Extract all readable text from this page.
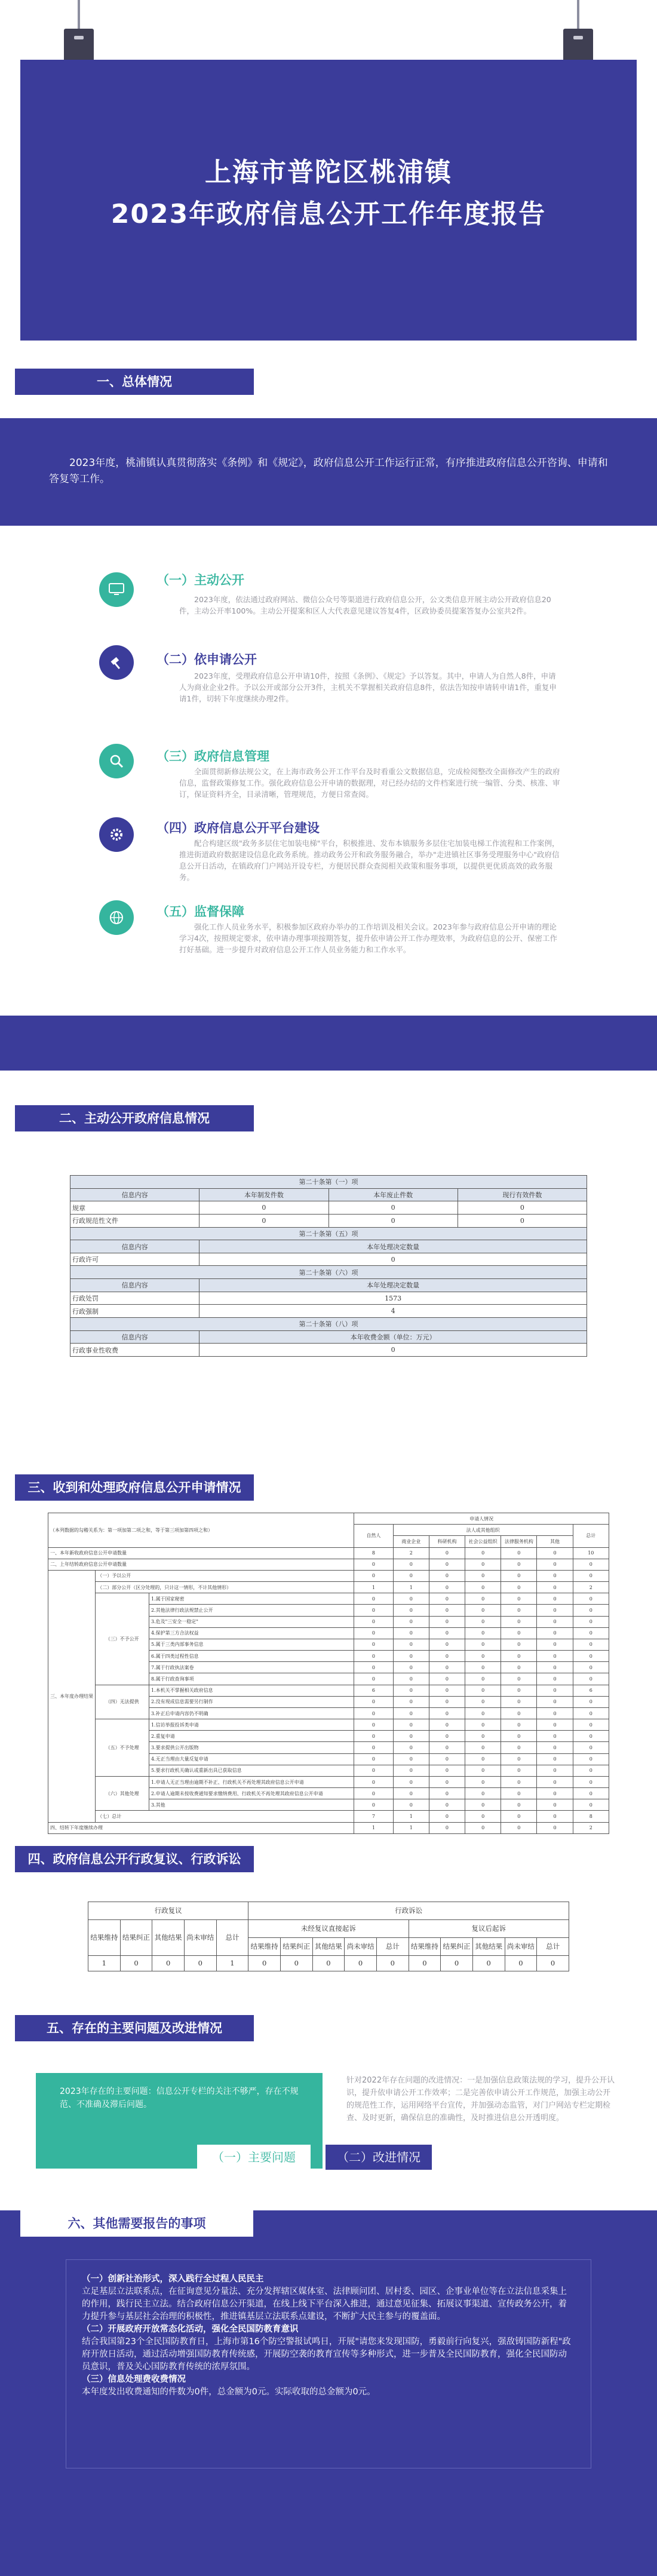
上海市普陀区桃浦镇
2023年政府信息公开工作年度报告
一、总体情况
2023年度，桃浦镇认真贯彻落实《条例》和《规定》，政府信息公开工作运行正常，有序推进政府信息公开咨询、申请和答复等工作。
（一）主动公开
2023年度，依法通过政府网站、微信公众号等渠道进行政府信息公开，公文类信息开展主动公开政府信息20件，主动公开率100%。主动公开提案和区人大代表意见建议答复4件，区政协委员提案答复办公室共2件。
（二）依申请公开
2023年度，受理政府信息公开申请10件，按照《条例》、《规定》予以答复。其中，申请人为自然人8件，申请人为商业企业2件。予以公开或部分公开3件，主机关不掌握相关政府信息8件，依法告知按申请转申请1件，重复申请1件，切转下年度继续办理2件。
（三）政府信息管理
全面贯彻新修法规公文，在上海市政务公开工作平台及时看重公文数据信息，完成检阅整改全面修改产生的政府信息，监督政策修复工作。强化政府信息公开申请的数据理，对已经办结的文件档案进行统一编管、分类、核准、审订，保证资料齐全，目录清晰，管理规范，方便日常查阅。
（四）政府信息公开平台建设
配合构建区级"政务多层住宅加装电梯"平台，积极推进、发布本镇服务多层住宅加装电梯工作流程和工作案例，推进街道政府数据建设信息化政务系统。推动政务公开和政务服务融合，举办"走进镇社区事务受理服务中心"政府信息公开日活动，在镇政府门户网站开设专栏，方便居民群众查阅相关政策和服务事项，以提供更优质高效的政务服务。
（五）监督保障
强化工作人员业务水平，积极参加区政府办举办的工作培训及相关会议。2023年参与政府信息公开申请的理论学习4次，按照规定要求，依申请办理事项按期答复，提升依申请公开工作办理效率，为政府信息的公开、保密工作打好基础。进一步提升对政府信息公开工作人员业务能力和工作水平。
二、主动公开政府信息情况
第二十条第（一）项			
信息内容	本年制发件数	本年废止件数	现行有效件数
规章	0	0	0
行政规范性文件	0	0	0
第二十条第（五）项			
信息内容	本年处理决定数量		
行政许可	0		
第二十条第（六）项			
信息内容	本年处理决定数量		
行政处罚	1573		
行政强制	4		
第二十条第（八）项			
信息内容	本年收费金额（单位：万元）		
行政事业性收费	0		
三、收到和处理政府信息公开申请情况
（本列数据的勾稽关系为：第一项加第二项之和，等于第三项加第四项之和）			申请人情况						
			自然人	法人或其他组织					总计
				商业企业	科研机构	社会公益组织	法律服务机构	其他	
一、本年新收政府信息公开申请数量			8	2	0	0	0	0	10
二、上年结转政府信息公开申请数量			0	0	0	0	0	0	0
三、本年度办理结果	（一）予以公开		0	0	0	0	0	0	0
	（二）部分公开（区分处理的，只计这一情形，不计其他情形）		1	1	0	0	0	0	2
	（三）不予公开	1.属于国家秘密	0	0	0	0	0	0	0
		2.其他法律行政法规禁止公开	0	0	0	0	0	0	0
		3.危及"三安全一稳定"	0	0	0	0	0	0	0
		4.保护第三方合法权益	0	0	0	0	0	0	0
		5.属于三类内部事务信息	0	0	0	0	0	0	0
		6.属于四类过程性信息	0	0	0	0	0	0	0
		7.属于行政执法案卷	0	0	0	0	0	0	0
		8.属于行政查询事项	0	0	0	0	0	0	0
	（四）无法提供	1.本机关不掌握相关政府信息	6	0	0	0	0	0	6
		2.没有现成信息需要另行制作	0	0	0	0	0	0	0
		3.补正后申请内容仍不明确	0	0	0	0	0	0	0
	（五）不予处理	1.信访举报投诉类申请	0	0	0	0	0	0	0
		2.重复申请	0	0	0	0	0	0	0
		3.要求提供公开出版物	0	0	0	0	0	0	0
		4.无正当理由大量反复申请	0	0	0	0	0	0	0
		5.要求行政机关确认或重新出具已获取信息	0	0	0	0	0	0	0
	（六）其他处理	1.申请人无正当理由逾期不补正、行政机关不再处理其政府信息公开申请	0	0	0	0	0	0	0
		2.申请人逾期未按收费通知要求缴纳费用、行政机关不再处理其政府信息公开申请	0	0	0	0	0	0	0
		3.其他	0	0	0	0	0	0	0
	（七）总计		7	1	0	0	0	0	8
四、结转下年度继续办理			1	1	0	0	0	0	2
四、政府信息公开行政复议、行政诉讼
行政复议					行政诉讼									
结果维持	结果纠正	其他结果	尚未审结	总计	未经复议直接起诉					复议后起诉				
					结果维持	结果纠正	其他结果	尚未审结	总计	结果维持	结果纠正	其他结果	尚未审结	总计
1	0	0	0	1	0	0	0	0	0	0	0	0	0	0
五、存在的主要问题及改进情况
2023年存在的主要问题：信息公开专栏的关注不够严，存在不规范、不准确及滞后问题。
（一）主要问题
针对2022年存在问题的改进情况：一是加强信息政策法规的学习，提升公开认识，提升依申请公开工作效率；二是完善依申请公开工作规范，加强主动公开的规范性工作，运用网络平台宣传，并加强动态监管，对门户网站专栏定期检查、及时更新，确保信息的准确性，及时推进信息公开透明度。
（二）改进情况
六、其他需要报告的事项

（一）创新社治形式，深入践行全过程人民民主

立足基层立法联系点，在征询意见分量法、充分发挥辖区媒体室、法律顾问团、居村委、园区、企事业单位等在立法信息采集上的作用，践行民主立法。结合政府信息公开渠道，在线上线下平台深入推进，通过意见征集、拓展议事渠道、宣传政务公开，着力提升参与基层社会治理的积极性，推进镇基层立法联系点建设，不断扩大民主参与的覆盖面。

（二）开展政府开放常态化活动，强化全民国防教育意识

结合我国第23个全民国防教育日，上海市第16个防空警报试鸣日，开展"请您来发现国防，勇毅前行向复兴，强敌铸国防新程"政府开放日活动，通过活动增强国防教育传统感，开展防空袭的教育宣传等多种形式，进一步普及全民国防教育，强化全民国防动员意识，普及关心国防教育传统的浓厚氛围。

（三）信息处理费收费情况

本年度发出收费通知的件数为0件，总金额为0元。实际收取的总金额为0元。
